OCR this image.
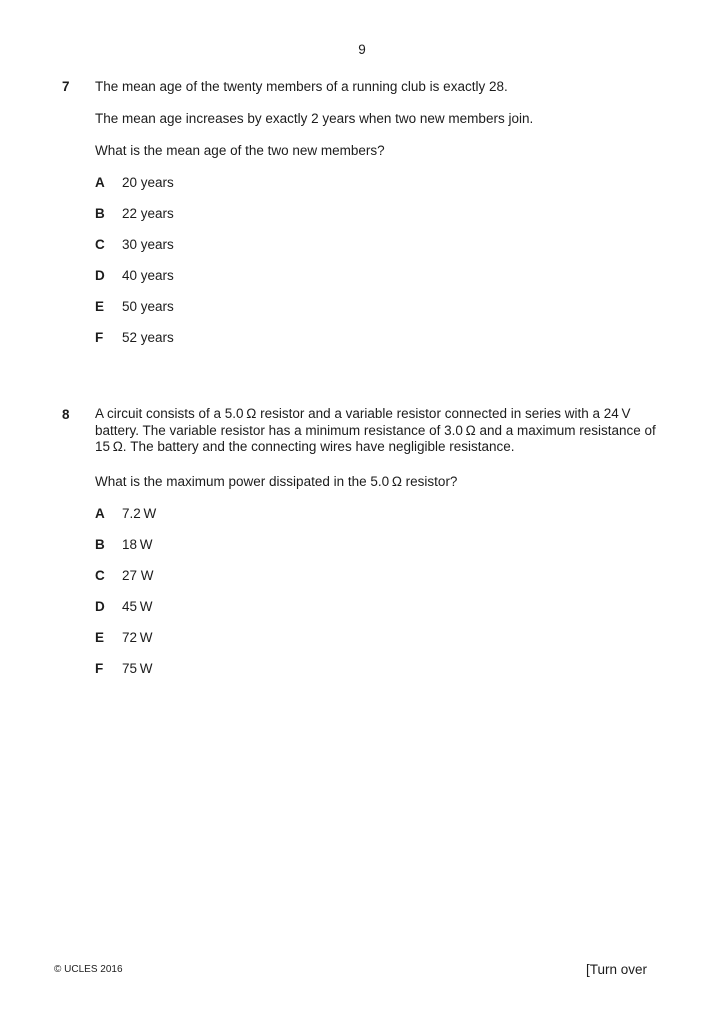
9
7	The mean age of the twenty members of a running club is exactly 28.

The mean age increases by exactly 2 years when two new members join.

What is the mean age of the two new members?

A	20 years
B	22 years
C	30 years
D	40 years
E	50 years
F	52 years
8	A circuit consists of a 5.0 Ω resistor and a variable resistor connected in series with a 24 V battery. The variable resistor has a minimum resistance of 3.0 Ω and a maximum resistance of 15 Ω. The battery and the connecting wires have negligible resistance.

What is the maximum power dissipated in the 5.0 Ω resistor?

A	7.2 W
B	18 W
C	27 W
D	45 W
E	72 W
F	75 W
© UCLES 2016	[Turn over
